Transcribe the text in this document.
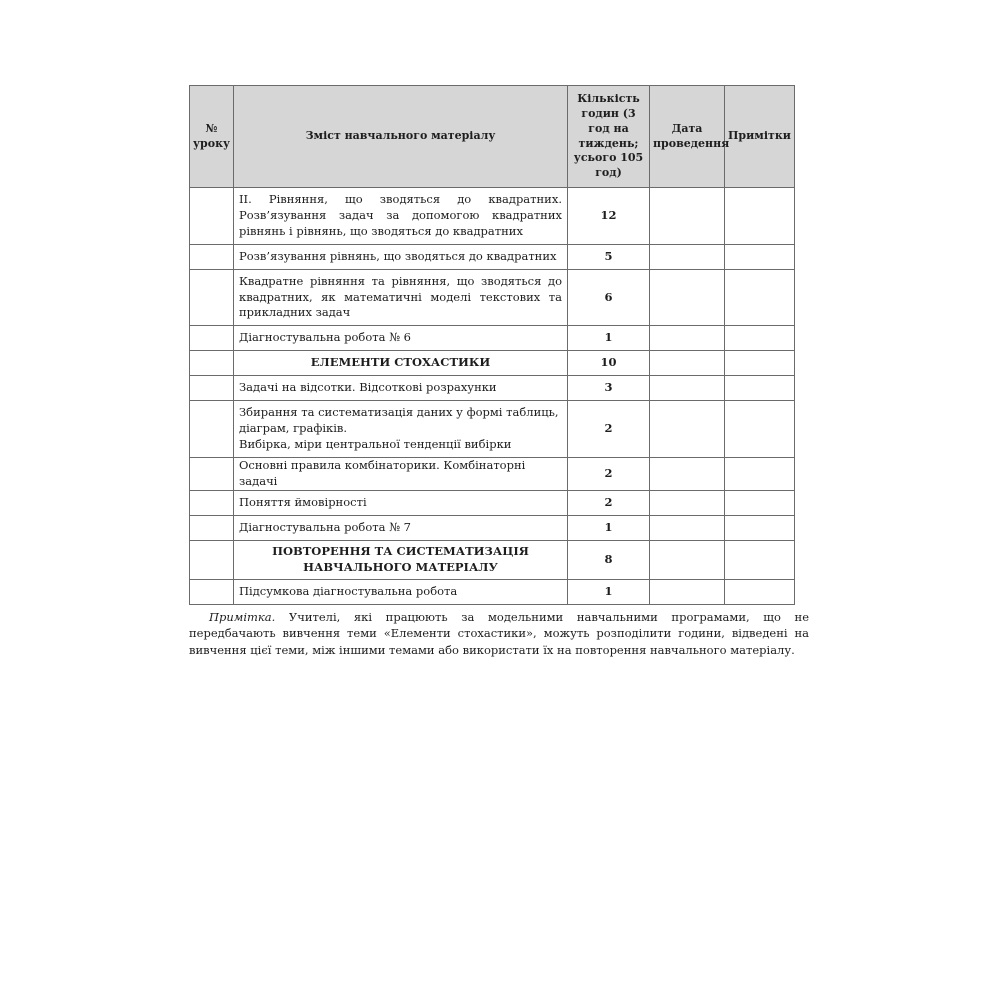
№ уроку	Зміст навчального матеріалу	Кількість годин (3 год на тиждень; усього 105 год)	Дата проведення	Примітки
	ІІ. Рівняння, що зводяться до квадратних. Розв’язування задач за допомогою квадратних рівнянь і рівнянь, що зводяться до квадратних	12		
	Розв’язування рівнянь, що зводяться до квадратних	5		
	Квадратне рівняння та рівняння, що зводяться до квадратних, як математичні моделі текстових та прикладних задач	6		
	Діагностувальна робота № 6	1		
	ЕЛЕМЕНТИ СТОХАСТИКИ	10		
	Задачі на відсотки. Відсоткові розрахунки	3		
	Збирання та систематизація даних у формі таблиць, діаграм, графіків.
Вибірка, міри центральної тенденції вибірки	2		
	Основні правила комбінаторики. Комбінаторні задачі	2		
	Поняття ймовірності	2		
	Діагностувальна робота № 7	1		
	ПОВТОРЕННЯ ТА СИСТЕМАТИЗАЦІЯ НАВЧАЛЬНОГО МАТЕРІАЛУ	8		
	Підсумкова діагностувальна робота	1		

Примітка. Учителі, які працюють за модельними навчальними програмами, що не передбачають вивчення теми «Елементи стохастики», можуть розподілити години, відведені на вивчення цієї теми, між іншими темами або використати їх на повторення навчального матеріалу.
